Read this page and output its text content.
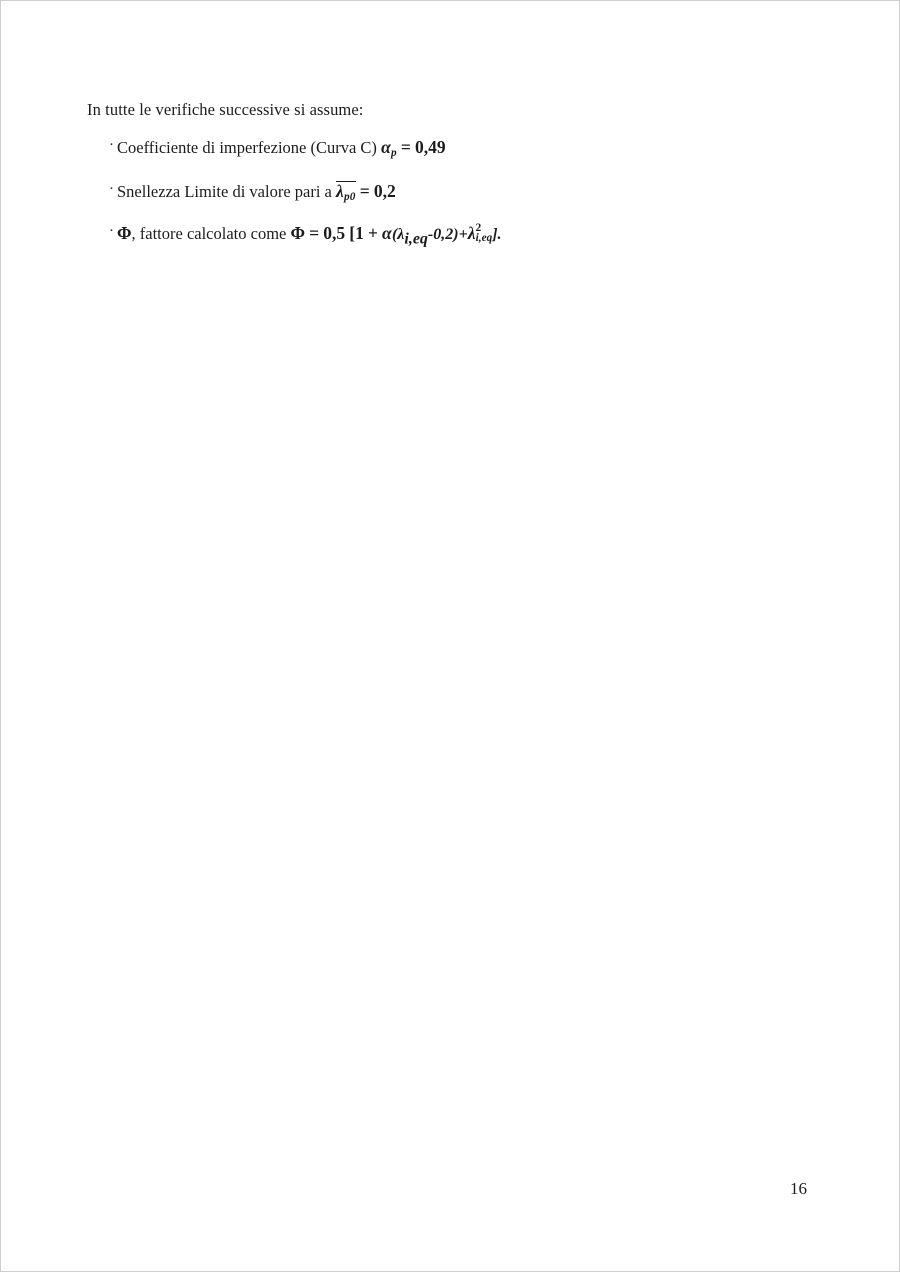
In tutte le verifiche successive si assume:

· Coefficiente di imperfezione (Curva C) $\alpha_p = 0,49$
· Snellezza Limite di valore pari a $\lambda_{p0} = 0,2$
· Φ, fattore calcolato come Φ = 0,5 [1 + α(λi,eq-0,2)+λ 2
i,eq ].
16
